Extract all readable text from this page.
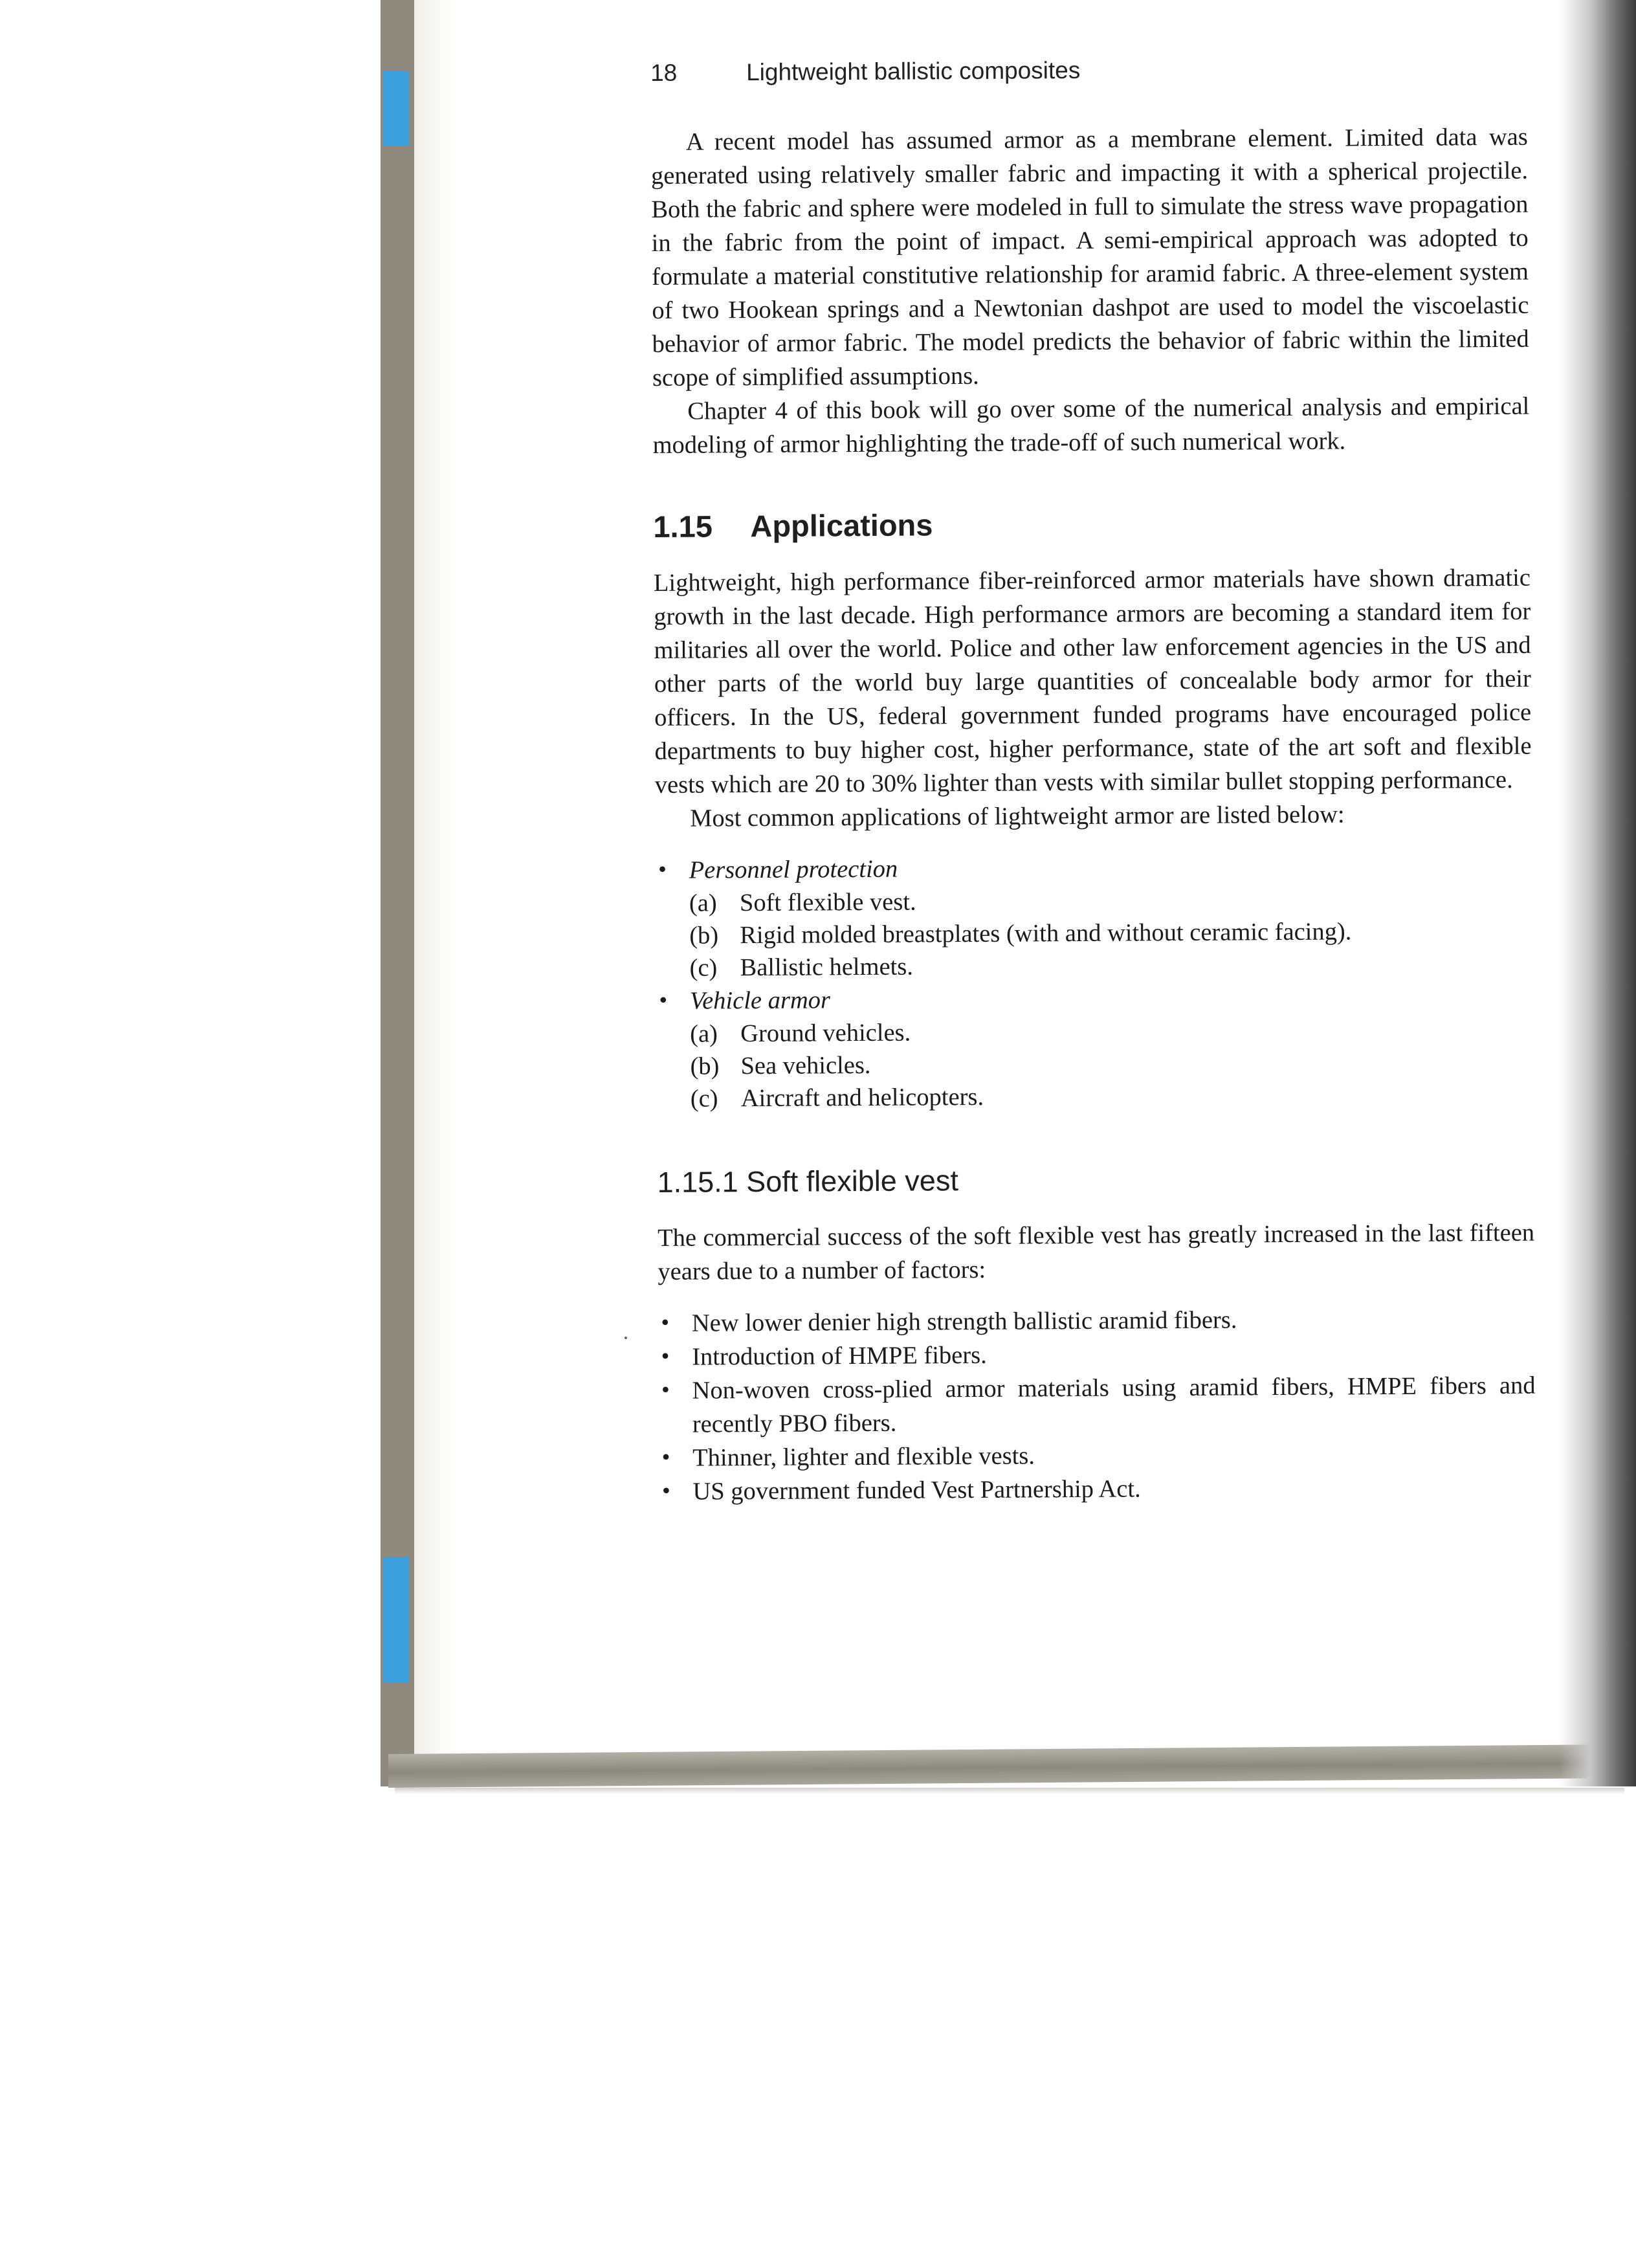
18	Lightweight ballistic composites

A recent model has assumed armor as a membrane element. Limited data was generated using relatively smaller fabric and impacting it with a spherical projectile. Both the fabric and sphere were modeled in full to simulate the stress wave propagation in the fabric from the point of impact. A semi-empirical approach was adopted to formulate a material constitutive relationship for aramid fabric. A three-element system of two Hookean springs and a Newtonian dashpot are used to model the viscoelastic behavior of armor fabric. The model predicts the behavior of fabric within the limited scope of simplified assumptions.

Chapter 4 of this book will go over some of the numerical analysis and empirical modeling of armor highlighting the trade-off of such numerical work.

1.15 Applications

Lightweight, high performance fiber-reinforced armor materials have shown dramatic growth in the last decade. High performance armors are becoming a standard item for militaries all over the world. Police and other law enforcement agencies in the US and other parts of the world buy large quantities of concealable body armor for their officers. In the US, federal government funded programs have encouraged police departments to buy higher cost, higher performance, state of the art soft and flexible vests which are 20 to 30% lighter than vests with similar bullet stopping performance.

Most common applications of lightweight armor are listed below:

• Personnel protection
(a) Soft flexible vest.
(b) Rigid molded breastplates (with and without ceramic facing).
(c) Ballistic helmets.
• Vehicle armor
(a) Ground vehicles.
(b) Sea vehicles.
(c) Aircraft and helicopters.
1.15.1 Soft flexible vest

The commercial success of the soft flexible vest has greatly increased in the last fifteen years due to a number of factors:

• New lower denier high strength ballistic aramid fibers.
• Introduction of HMPE fibers.
• Non-woven cross-plied armor materials using aramid fibers, HMPE fibers and recently PBO fibers.
• Thinner, lighter and flexible vests.
• US government funded Vest Partnership Act.
